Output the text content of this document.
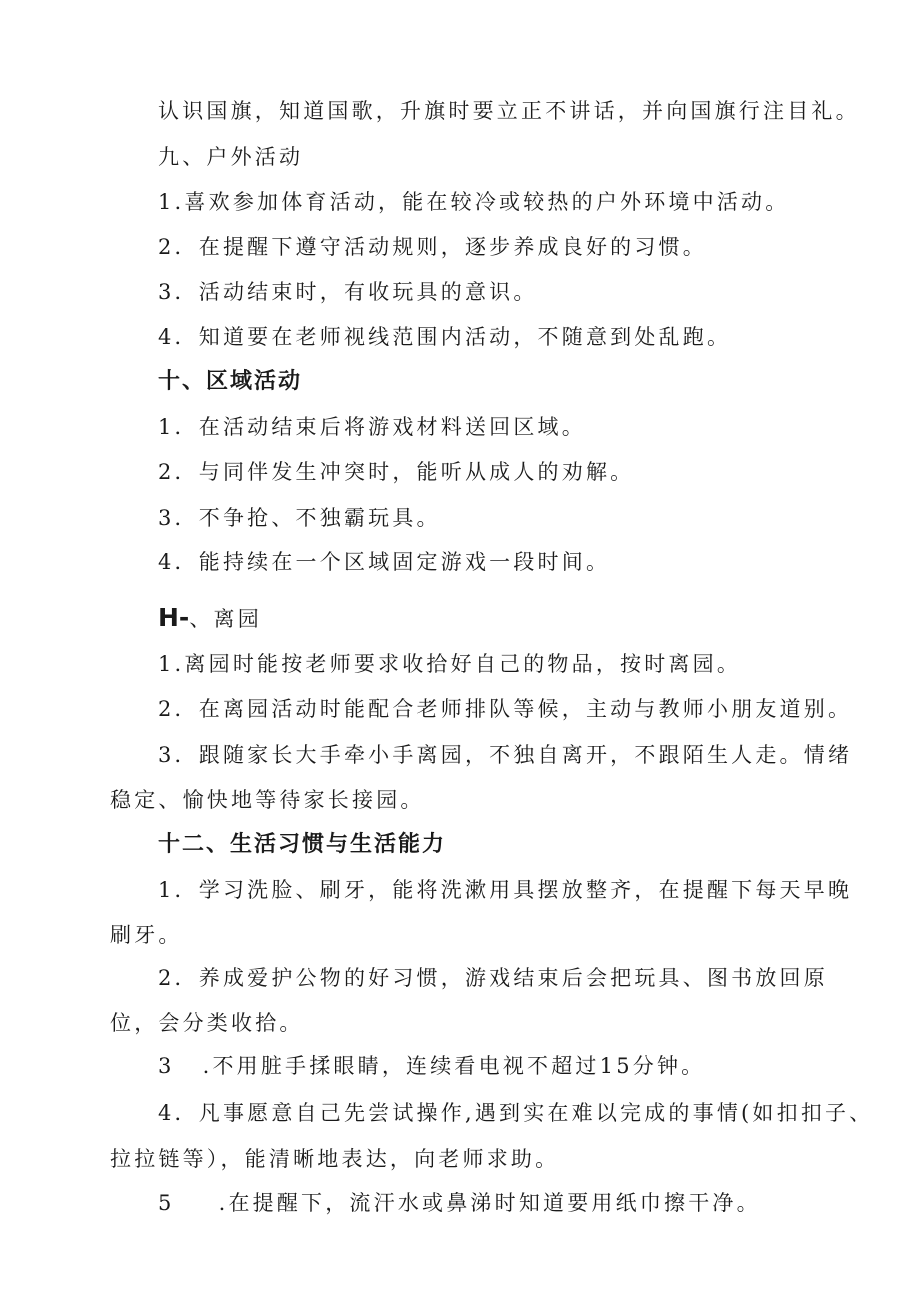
认识国旗，知道国歌，升旗时要立正不讲话，并向国旗行注目礼。
九、户外活动
1.喜欢参加体育活动，能在较冷或较热的户外环境中活动。
2．在提醒下遵守活动规则，逐步养成良好的习惯。
3．活动结束时，有收玩具的意识。
4．知道要在老师视线范围内活动，不随意到处乱跑。
十、区域活动
1．在活动结束后将游戏材料送回区域。
2．与同伴发生冲突时，能听从成人的劝解。
3．不争抢、不独霸玩具。
4．能持续在一个区域固定游戏一段时间。
H-、离园
1.离园时能按老师要求收拾好自己的物品，按时离园。
2．在离园活动时能配合老师排队等候，主动与教师小朋友道别。
3．跟随家长大手牵小手离园，不独自离开，不跟陌生人走。情绪
稳定、愉快地等待家长接园。
十二、生活习惯与生活能力
1．学习洗脸、刷牙，能将洗漱用具摆放整齐，在提醒下每天早晚
刷牙。
2．养成爱护公物的好习惯，游戏结束后会把玩具、图书放回原
位，会分类收拾。
3 .不用脏手揉眼睛，连续看电视不超过15分钟。
4．凡事愿意自己先尝试操作,遇到实在难以完成的事情(如扣扣子、
拉拉链等），能清晰地表达，向老师求助。
5 .在提醒下，流汗水或鼻涕时知道要用纸巾擦干净。
